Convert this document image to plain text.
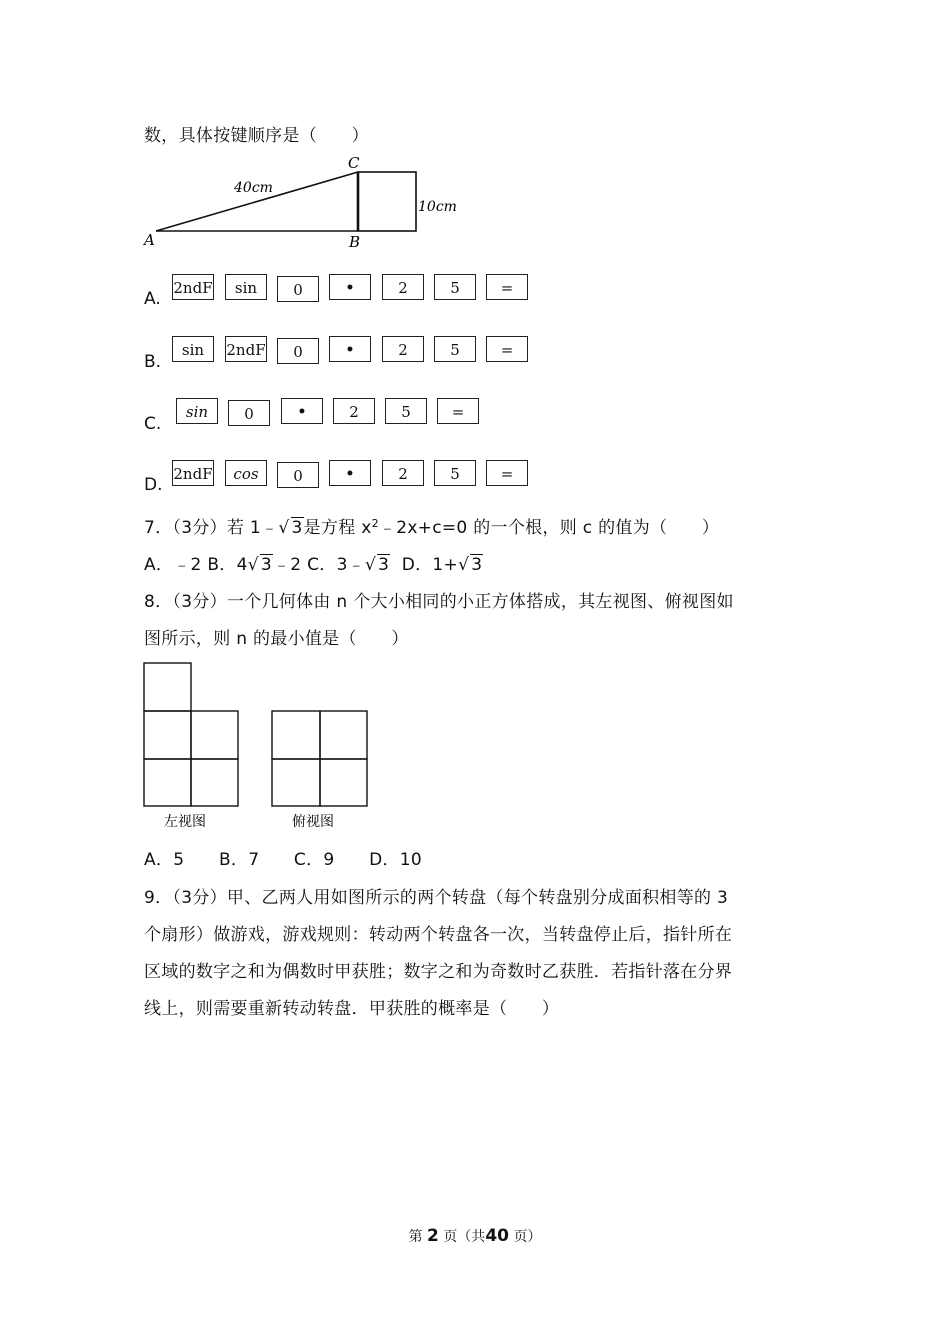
数，具体按键顺序是（　　）
C
A	B
40cm
10cm
A.
2ndF	sin	0	•	2	5	=
B.
sin	2ndF	0	•	2	5	=
C.
sin	0	•	2	5	=
D.
2ndF	cos	0	•	2	5	=
7．（3分）若 1﹣√ 3是方程 $x^2﹣2x+c=0$ 的一个根，则 c 的值为（　　）
A．﹣2 B．4√ 3﹣2 C．3﹣√ 3 D．1+√ 3
8．（3分）一个几何体由 n 个大小相同的小正方体搭成，其左视图、俯视图如
图所示，则 n 的最小值是（　　）
左视图	俯视图
A．5　　B．7　　C．9　　D．10
9．（3分）甲、乙两人用如图所示的两个转盘（每个转盘别分成面积相等的 3
个扇形）做游戏，游戏规则：转动两个转盘各一次，当转盘停止后，指针所在
区域的数字之和为偶数时甲获胜；数字之和为奇数时乙获胜．若指针落在分界
线上，则需要重新转动转盘．甲获胜的概率是（　　）
第 2 页（共40 页）
